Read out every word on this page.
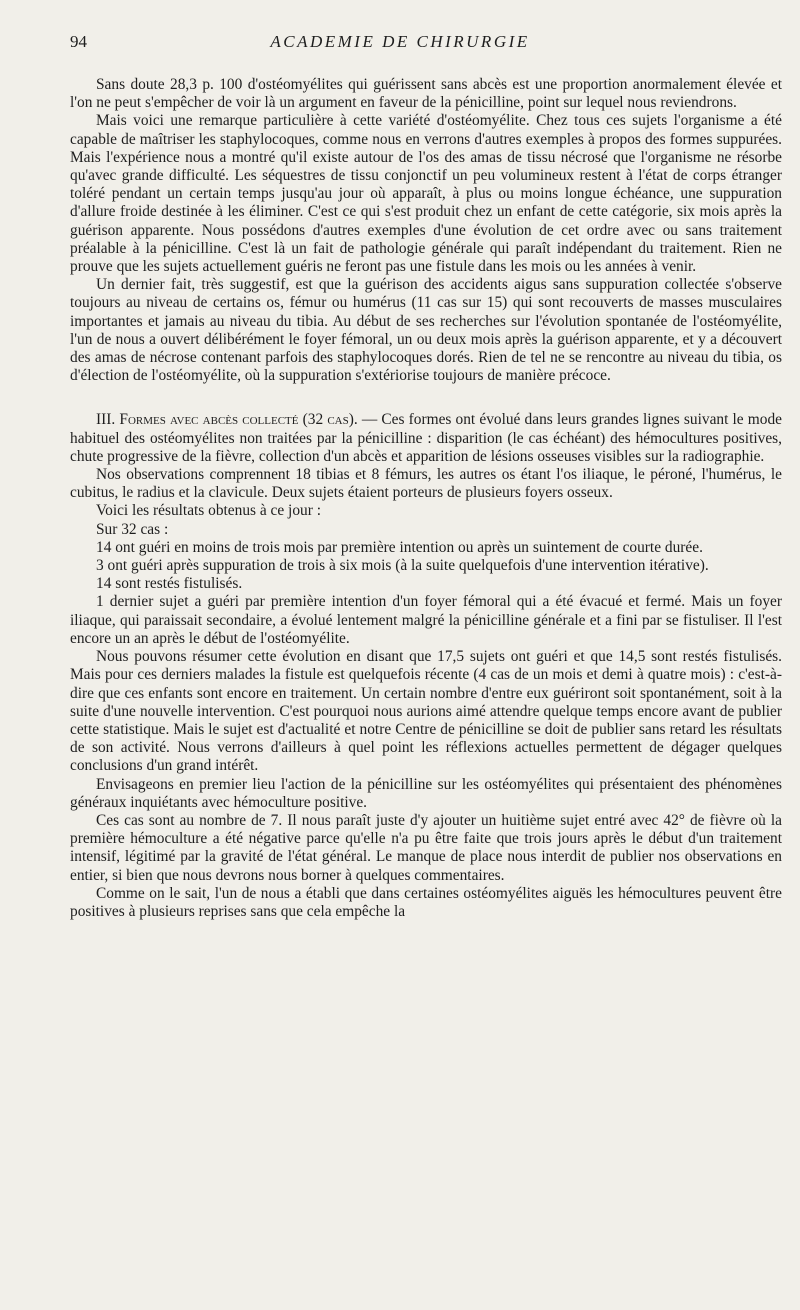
94	ACADEMIE DE CHIRURGIE

Sans doute 28,3 p. 100 d'ostéomyélites qui guérissent sans abcès est une proportion anormalement élevée et l'on ne peut s'empêcher de voir là un argument en faveur de la pénicilline, point sur lequel nous reviendrons.

Mais voici une remarque particulière à cette variété d'ostéomyélite. Chez tous ces sujets l'organisme a été capable de maîtriser les staphylocoques, comme nous en verrons d'autres exemples à propos des formes suppurées. Mais l'expérience nous a montré qu'il existe autour de l'os des amas de tissu nécrosé que l'organisme ne résorbe qu'avec grande difficulté. Les séquestres de tissu conjonctif un peu volumineux restent à l'état de corps étranger toléré pendant un certain temps jusqu'au jour où apparaît, à plus ou moins longue échéance, une suppuration d'allure froide destinée à les éliminer. C'est ce qui s'est produit chez un enfant de cette catégorie, six mois après la guérison apparente. Nous possédons d'autres exemples d'une évolution de cet ordre avec ou sans traitement préalable à la pénicilline. C'est là un fait de pathologie générale qui paraît indépendant du traitement. Rien ne prouve que les sujets actuellement guéris ne feront pas une fistule dans les mois ou les années à venir.

Un dernier fait, très suggestif, est que la guérison des accidents aigus sans suppuration collectée s'observe toujours au niveau de certains os, fémur ou humérus (11 cas sur 15) qui sont recouverts de masses musculaires importantes et jamais au niveau du tibia. Au début de ses recherches sur l'évolution spontanée de l'ostéomyélite, l'un de nous a ouvert délibérément le foyer fémoral, un ou deux mois après la guérison apparente, et y a découvert des amas de nécrose contenant parfois des staphylocoques dorés. Rien de tel ne se rencontre au niveau du tibia, os d'élection de l'ostéomyélite, où la suppuration s'extériorise toujours de manière précoce.

III. Formes avec abcès collecté (32 cas). — Ces formes ont évolué dans leurs grandes lignes suivant le mode habituel des ostéomyélites non traitées par la pénicilline : disparition (le cas échéant) des hémocultures positives, chute progressive de la fièvre, collection d'un abcès et apparition de lésions osseuses visibles sur la radiographie.

Nos observations comprennent 18 tibias et 8 fémurs, les autres os étant l'os iliaque, le péroné, l'humérus, le cubitus, le radius et la clavicule. Deux sujets étaient porteurs de plusieurs foyers osseux.

Voici les résultats obtenus à ce jour :

Sur 32 cas :

14 ont guéri en moins de trois mois par première intention ou après un suintement de courte durée.

3 ont guéri après suppuration de trois à six mois (à la suite quelquefois d'une intervention itérative).

14 sont restés fistulisés.

1 dernier sujet a guéri par première intention d'un foyer fémoral qui a été évacué et fermé. Mais un foyer iliaque, qui paraissait secondaire, a évolué lentement malgré la pénicilline générale et a fini par se fistuliser. Il l'est encore un an après le début de l'ostéomyélite.

Nous pouvons résumer cette évolution en disant que 17,5 sujets ont guéri et que 14,5 sont restés fistulisés. Mais pour ces derniers malades la fistule est quelquefois récente (4 cas de un mois et demi à quatre mois) : c'est-à-dire que ces enfants sont encore en traitement. Un certain nombre d'entre eux guériront soit spontanément, soit à la suite d'une nouvelle intervention. C'est pourquoi nous aurions aimé attendre quelque temps encore avant de publier cette statistique. Mais le sujet est d'actualité et notre Centre de pénicilline se doit de publier sans retard les résultats de son activité. Nous verrons d'ailleurs à quel point les réflexions actuelles permettent de dégager quelques conclusions d'un grand intérêt.

Envisageons en premier lieu l'action de la pénicilline sur les ostéomyélites qui présentaient des phénomènes généraux inquiétants avec hémoculture positive.

Ces cas sont au nombre de 7. Il nous paraît juste d'y ajouter un huitième sujet entré avec 42° de fièvre où la première hémoculture a été négative parce qu'elle n'a pu être faite que trois jours après le début d'un traitement intensif, légitimé par la gravité de l'état général. Le manque de place nous interdit de publier nos observations en entier, si bien que nous devrons nous borner à quelques commentaires.

Comme on le sait, l'un de nous a établi que dans certaines ostéomyélites aiguës les hémocultures peuvent être positives à plusieurs reprises sans que cela empêche la
